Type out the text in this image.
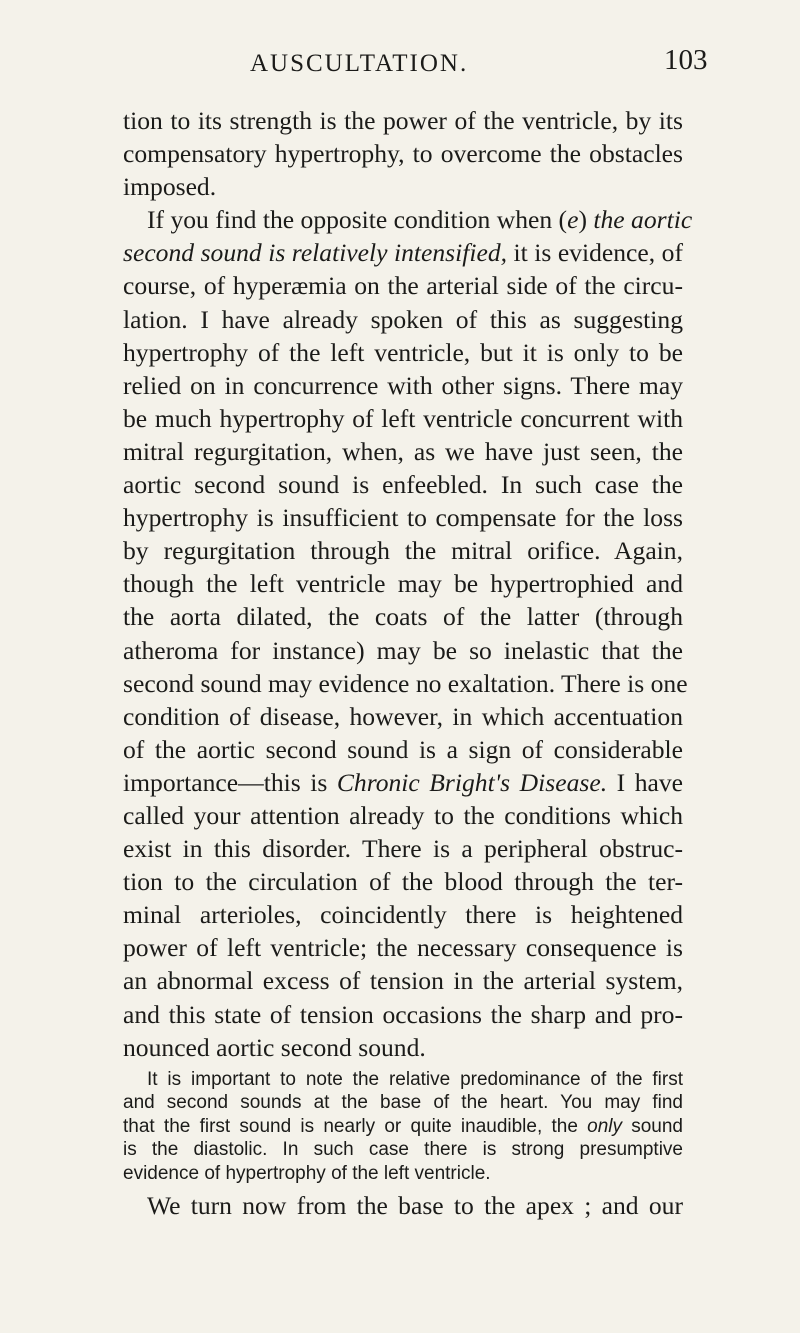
AUSCULTATION.	103
tion to its strength is the power of the ventricle, by its
compensatory hypertrophy, to overcome the obstacles
imposed.
If you find the opposite condition when (e) the aortic
second sound is relatively intensified, it is evidence, of
course, of hyperæmia on the arterial side of the circu-
lation. I have already spoken of this as suggesting
hypertrophy of the left ventricle, but it is only to be
relied on in concurrence with other signs. There may
be much hypertrophy of left ventricle concurrent with
mitral regurgitation, when, as we have just seen, the
aortic second sound is enfeebled. In such case the
hypertrophy is insufficient to compensate for the loss
by regurgitation through the mitral orifice. Again,
though the left ventricle may be hypertrophied and
the aorta dilated, the coats of the latter (through
atheroma for instance) may be so inelastic that the
second sound may evidence no exaltation. There is one
condition of disease, however, in which accentuation
of the aortic second sound is a sign of considerable
importance—this is Chronic Bright's Disease. I have
called your attention already to the conditions which
exist in this disorder. There is a peripheral obstruc-
tion to the circulation of the blood through the ter-
minal arterioles, coincidently there is heightened
power of left ventricle; the necessary consequence is
an abnormal excess of tension in the arterial system,
and this state of tension occasions the sharp and pro-
nounced aortic second sound.
It is important to note the relative predominance of the first
and second sounds at the base of the heart. You may find
that the first sound is nearly or quite inaudible, the only sound
is the diastolic. In such case there is strong presumptive
evidence of hypertrophy of the left ventricle.
We turn now from the base to the apex ; and our
